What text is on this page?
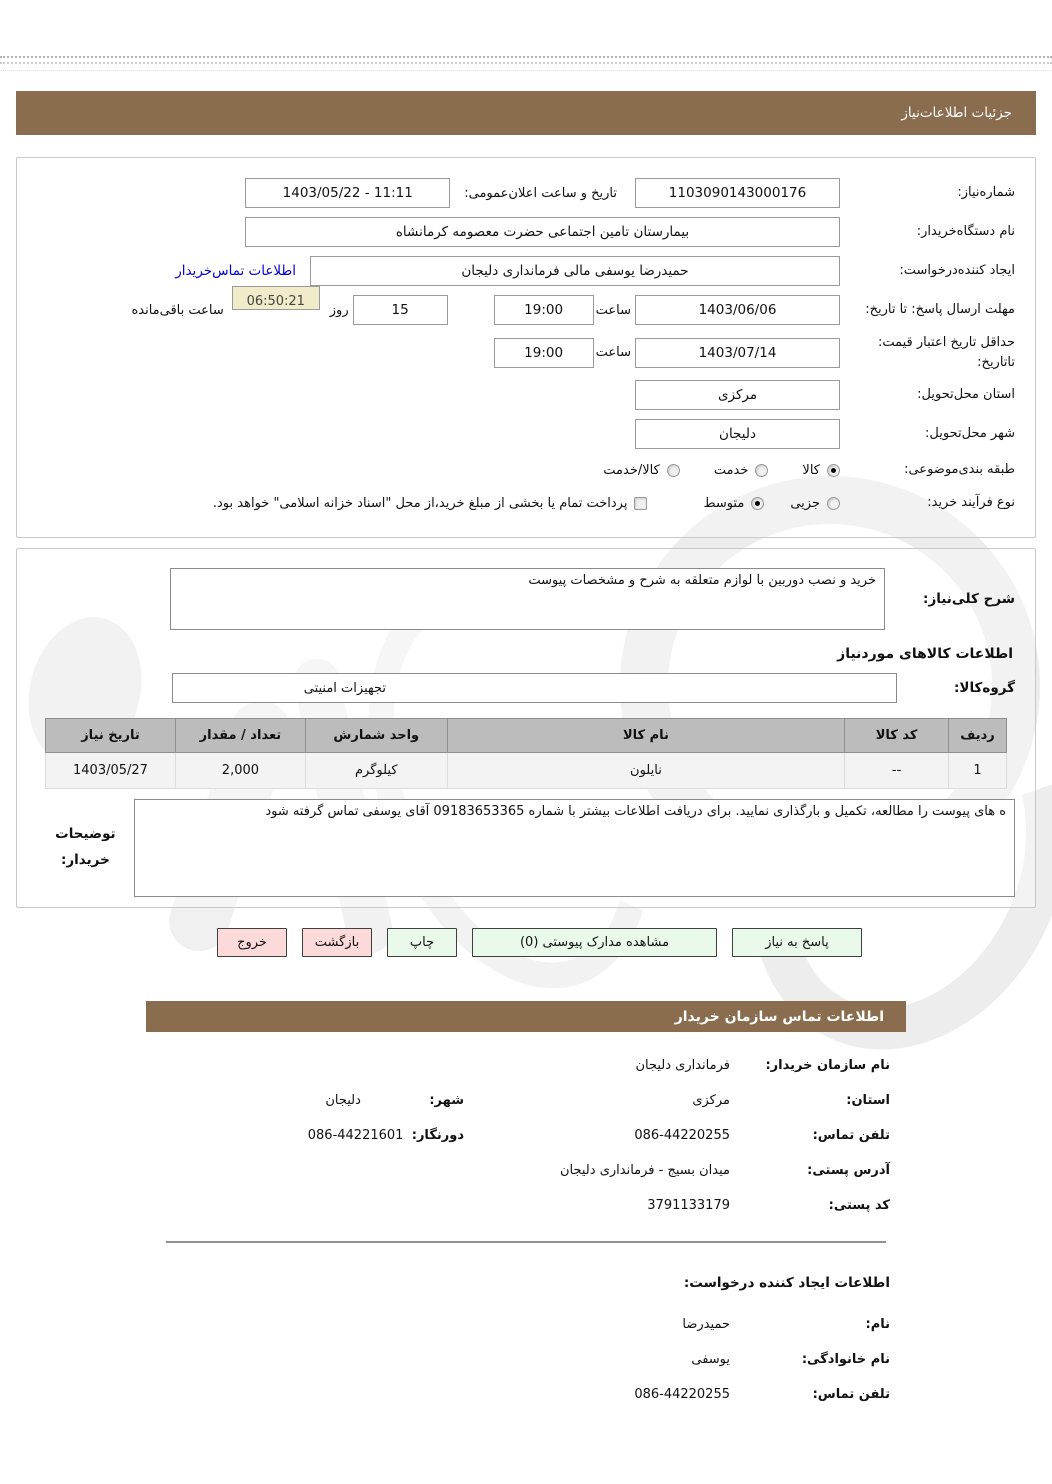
جزئیات اطلاعات‌نیاز
شماره‌نیاز:
1103090143000176
تاریخ و ساعت اعلان‌عمومی:
1403/05/22 - 11:11
نام دستگاه‌خریدار:
بیمارستان تامین اجتماعی حضرت معصومه کرمانشاه
ایجاد کننده‌درخواست:
حمیدرضا یوسفی مالی فرمانداری دلیجان
اطلاعات تماس‌خریدار
مهلت ارسال پاسخ: تا تاریخ:
1403/06/06
ساعت
19:00
15
روز
06:50:21
ساعت باقی‌مانده
حداقل تاریخ اعتبار قیمت: تاتاریخ:
1403/07/14
ساعت
19:00
استان محل‌تحویل:
مرکزی
شهر محل‌تحویل:
دلیجان
طبقه بندی‌موضوعی:
کالا
خدمت
کالا/خدمت
نوع فرآیند خرید:
جزیی
متوسط
پرداخت تمام یا بخشی از مبلغ خرید،از محل "اسناد خزانه اسلامی" خواهد بود.
شرح کلی‌نیاز:
خرید و نصب دوربین با لوازم متعلقه به شرح و مشخصات پیوست
اطلاعات کالاهای موردنیاز
گروه‌کالا:
تجهیزات امنیتی
ردیف	کد کالا	نام کالا	واحد شمارش	تعداد / مقدار	تاریخ نیاز
1	--	نایلون	کیلوگرم	2,000	1403/05/27
ه های پیوست را مطالعه، تکمیل و بارگذاری نمایید. برای دریافت اطلاعات بیشتر با شماره 09183653365 آقای یوسفی تماس گرفته شود
توضیحات خریدار:
پاسخ به نیاز
مشاهده مدارک پیوستی (0)
چاپ
بازگشت
خروج
اطلاعات تماس سازمان خریدار
نام سازمان خریدار:
فرمانداری دلیجان
استان:
مرکزی
شهر:
دلیجان
تلفن تماس:
086-44220255
دورنگار:
086-44221601
آدرس پستی:
میدان بسیج - فرمانداری دلیجان
کد پستی:
3791133179
اطلاعات ایجاد کننده درخواست:
نام:
حمیدرضا
نام خانوادگی:
یوسفی
تلفن تماس:
086-44220255
